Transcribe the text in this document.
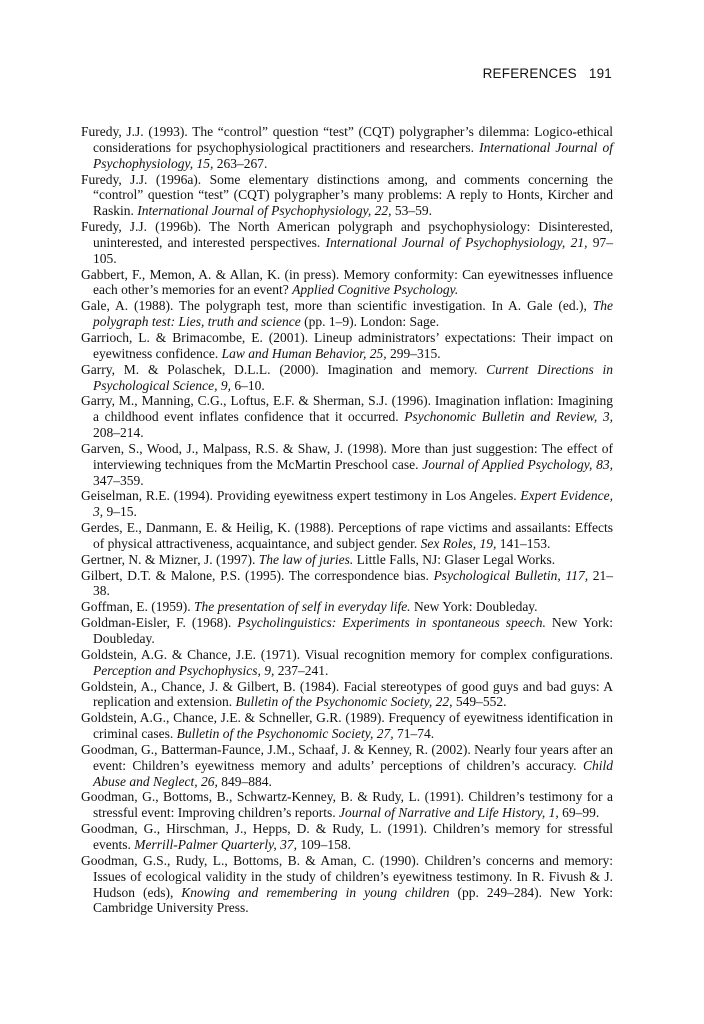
REFERENCES 191

Furedy, J.J. (1993). The “control” question “test” (CQT) polygrapher’s dilemma: Logico-ethical considerations for psychophysiological practitioners and researchers. International Journal of Psychophysiology, 15, 263–267.

Furedy, J.J. (1996a). Some elementary distinctions among, and comments concerning the “control” question “test” (CQT) polygrapher’s many problems: A reply to Honts, Kircher and Raskin. International Journal of Psychophysiology, 22, 53–59.

Furedy, J.J. (1996b). The North American polygraph and psychophysiology: Disinterested, uninterested, and interested perspectives. International Journal of Psychophysiology, 21, 97–105.

Gabbert, F., Memon, A. & Allan, K. (in press). Memory conformity: Can eyewitnesses influence each other’s memories for an event? Applied Cognitive Psychology.

Gale, A. (1988). The polygraph test, more than scientific investigation. In A. Gale (ed.), The polygraph test: Lies, truth and science (pp. 1–9). London: Sage.

Garrioch, L. & Brimacombe, E. (2001). Lineup administrators’ expectations: Their impact on eyewitness confidence. Law and Human Behavior, 25, 299–315.

Garry, M. & Polaschek, D.L.L. (2000). Imagination and memory. Current Directions in Psychological Science, 9, 6–10.

Garry, M., Manning, C.G., Loftus, E.F. & Sherman, S.J. (1996). Imagination inflation: Imagining a childhood event inflates confidence that it occurred. Psychonomic Bulletin and Review, 3, 208–214.

Garven, S., Wood, J., Malpass, R.S. & Shaw, J. (1998). More than just suggestion: The effect of interviewing techniques from the McMartin Preschool case. Journal of Applied Psychology, 83, 347–359.

Geiselman, R.E. (1994). Providing eyewitness expert testimony in Los Angeles. Expert Evidence, 3, 9–15.

Gerdes, E., Danmann, E. & Heilig, K. (1988). Perceptions of rape victims and assailants: Effects of physical attractiveness, acquaintance, and subject gender. Sex Roles, 19, 141–153.

Gertner, N. & Mizner, J. (1997). The law of juries. Little Falls, NJ: Glaser Legal Works.

Gilbert, D.T. & Malone, P.S. (1995). The correspondence bias. Psychological Bulletin, 117, 21–38.

Goffman, E. (1959). The presentation of self in everyday life. New York: Doubleday.

Goldman-Eisler, F. (1968). Psycholinguistics: Experiments in spontaneous speech. New York: Doubleday.

Goldstein, A.G. & Chance, J.E. (1971). Visual recognition memory for complex configurations. Perception and Psychophysics, 9, 237–241.

Goldstein, A., Chance, J. & Gilbert, B. (1984). Facial stereotypes of good guys and bad guys: A replication and extension. Bulletin of the Psychonomic Society, 22, 549–552.

Goldstein, A.G., Chance, J.E. & Schneller, G.R. (1989). Frequency of eyewitness identification in criminal cases. Bulletin of the Psychonomic Society, 27, 71–74.

Goodman, G., Batterman-Faunce, J.M., Schaaf, J. & Kenney, R. (2002). Nearly four years after an event: Children’s eyewitness memory and adults’ perceptions of children’s accuracy. Child Abuse and Neglect, 26, 849–884.

Goodman, G., Bottoms, B., Schwartz-Kenney, B. & Rudy, L. (1991). Children’s testimony for a stressful event: Improving children’s reports. Journal of Narrative and Life History, 1, 69–99.

Goodman, G., Hirschman, J., Hepps, D. & Rudy, L. (1991). Children’s memory for stressful events. Merrill-Palmer Quarterly, 37, 109–158.

Goodman, G.S., Rudy, L., Bottoms, B. & Aman, C. (1990). Children’s concerns and memory: Issues of ecological validity in the study of children’s eyewitness testimony. In R. Fivush & J. Hudson (eds), Knowing and remembering in young children (pp. 249–284). New York: Cambridge University Press.
